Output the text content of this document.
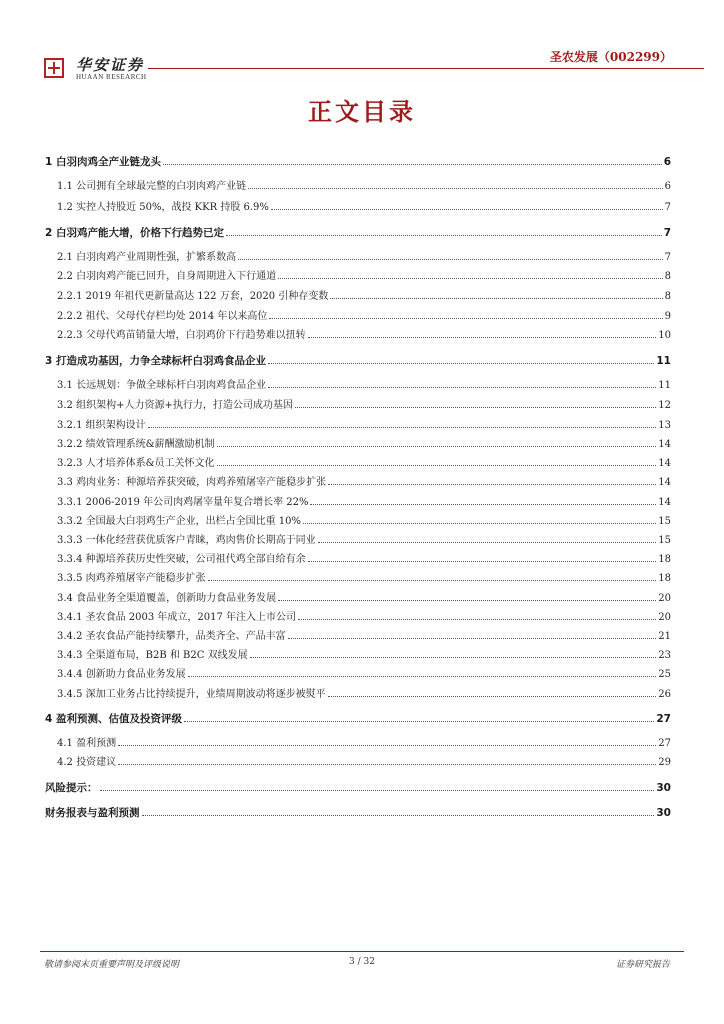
华安证券
HUAAN RESEARCH
圣农发展（002299）
正文目录
1 白羽肉鸡全产业链龙头	6
1.1 公司拥有全球最完整的白羽肉鸡产业链	6
1.2 实控人持股近 50%，战投 KKR 持股 6.9%	7
2 白羽鸡产能大增，价格下行趋势已定	7
2.1 白羽肉鸡产业周期性强，扩繁系数高	7
2.2 白羽肉鸡产能已回升，自身周期进入下行通道	8
2.2.1 2019 年祖代更新量高达 122 万套，2020 引种存变数	8
2.2.2 祖代、父母代存栏均处 2014 年以来高位	9
2.2.3 父母代鸡苗销量大增，白羽鸡价下行趋势难以扭转	10
3 打造成功基因，力争全球标杆白羽鸡食品企业	11
3.1 长远规划：争做全球标杆白羽肉鸡食品企业	11
3.2 组织架构+人力资源+执行力，打造公司成功基因	12
3.2.1 组织架构设计	13
3.2.2 绩效管理系统&薪酬激励机制	14
3.2.3 人才培养体系&员工关怀文化	14
3.3 鸡肉业务：种源培养获突破，肉鸡养殖屠宰产能稳步扩张	14
3.3.1 2006-2019 年公司肉鸡屠宰量年复合增长率 22%	14
3.3.2 全国最大白羽鸡生产企业，出栏占全国比重 10%	15
3.3.3 一体化经营获优质客户青睐，鸡肉售价长期高于同业	15
3.3.4 种源培养获历史性突破，公司祖代鸡全部自给有余	18
3.3.5 肉鸡养殖屠宰产能稳步扩张	18
3.4 食品业务全渠道覆盖，创新助力食品业务发展	20
3.4.1 圣农食品 2003 年成立，2017 年注入上市公司	20
3.4.2 圣农食品产能持续攀升，品类齐全、产品丰富	21
3.4.3 全渠道布局，B2B 和 B2C 双线发展	23
3.4.4 创新助力食品业务发展	25
3.4.5 深加工业务占比持续提升，业绩周期波动将逐步被熨平	26
4 盈利预测、估值及投资评级	27
4.1 盈利预测	27
4.2 投资建议	29
风险提示：	30
财务报表与盈利预测	30
敬请参阅末页重要声明及评级说明	3 / 32	证券研究报告
